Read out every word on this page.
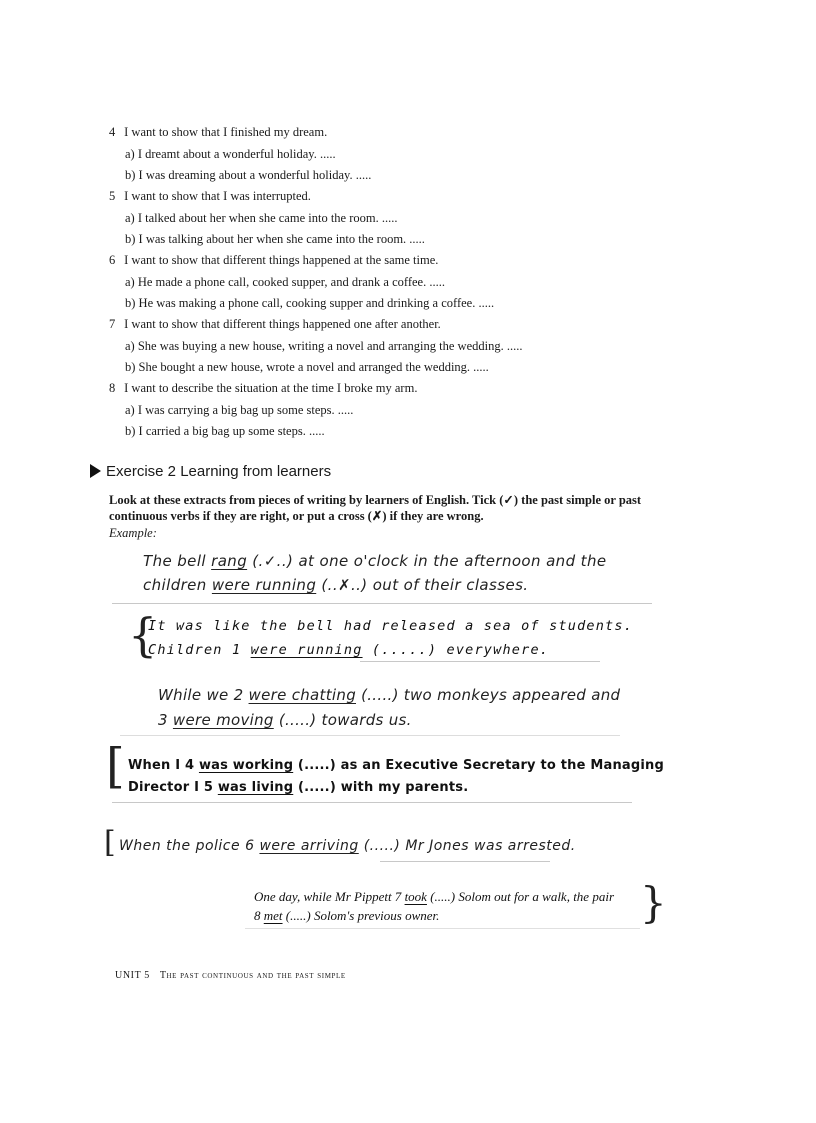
4 I want to show that I finished my dream.
a) I dreamt about a wonderful holiday. .....
b) I was dreaming about a wonderful holiday. .....
5 I want to show that I was interrupted.
a) I talked about her when she came into the room. .....
b) I was talking about her when she came into the room. .....
6 I want to show that different things happened at the same time.
a) He made a phone call, cooked supper, and drank a coffee. .....
b) He was making a phone call, cooking supper and drinking a coffee. .....
7 I want to show that different things happened one after another.
a) She was buying a new house, writing a novel and arranging the wedding. .....
b) She bought a new house, wrote a novel and arranged the wedding. .....
8 I want to describe the situation at the time I broke my arm.
a) I was carrying a big bag up some steps. .....
b) I carried a big bag up some steps. .....
Exercise 2 Learning from learners
Look at these extracts from pieces of writing by learners of English. Tick (✓) the past simple or past continuous verbs if they are right, or put a cross (✗) if they are wrong.
Example:
The bell rang (.✓..) at one o'clock in the afternoon and the
children were running (..✗..) out of their classes.
{
It was like the bell had released a sea of students.
Children 1 were running (.....) everywhere.
While we 2 were chatting (.....) two monkeys appeared and
3 were moving (.....) towards us.
[ When I 4 was working (.....) as an Executive Secretary to the Managing
Director I 5 was living (.....) with my parents.
[ When the police 6 were arriving (.....) Mr Jones was arrested.
One day, while Mr Pippett 7 took (.....) Solom out for a walk, the pair
8 met (.....) Solom's previous owner.	}
UNIT 5 The past continuous and the past simple
